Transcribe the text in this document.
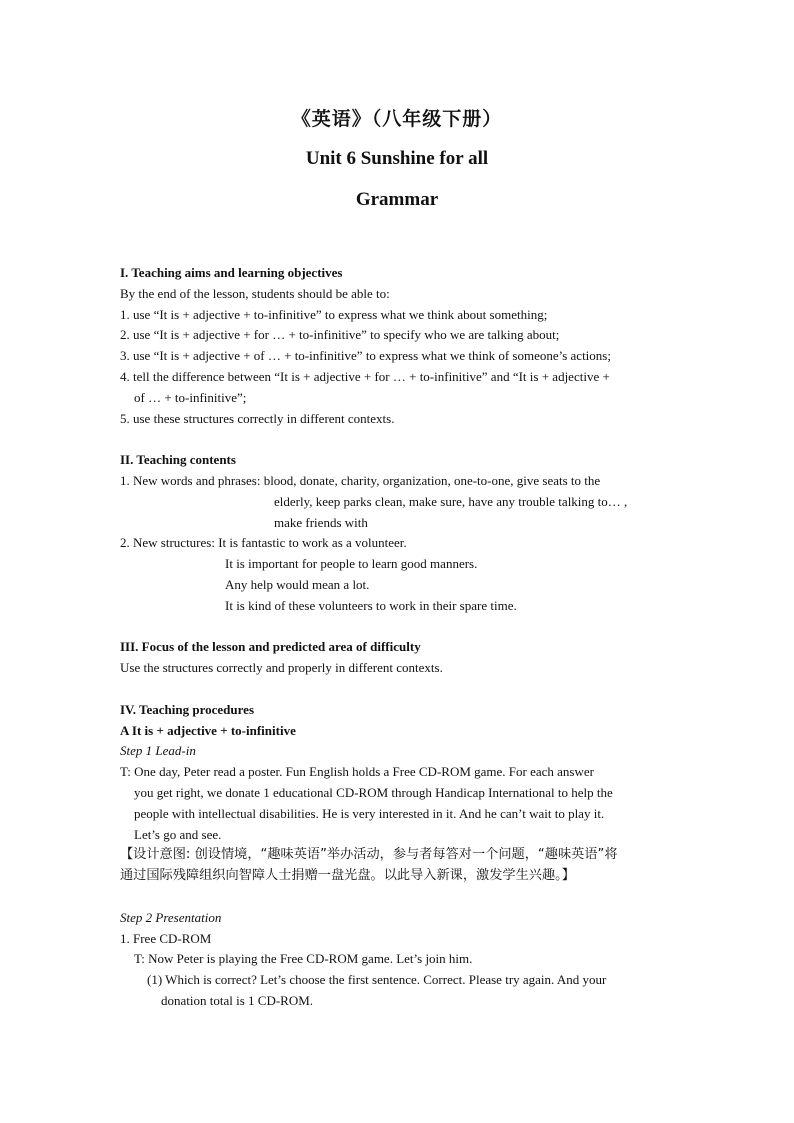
《英语》（八年级下册）
Unit 6 Sunshine for all
Grammar
I. Teaching aims and learning objectives
By the end of the lesson, students should be able to:
1. use “It is + adjective + to-infinitive” to express what we think about something;
2. use “It is + adjective + for … + to-infinitive” to specify who we are talking about;
3. use “It is + adjective + of … + to-infinitive” to express what we think of someone’s actions;
4. tell the difference between “It is + adjective + for … + to-infinitive” and “It is + adjective +
of … + to-infinitive”;
5. use these structures correctly in different contexts.
II. Teaching contents
1. New words and phrases: blood, donate, charity, organization, one-to-one, give seats to the
elderly, keep parks clean, make sure, have any trouble talking to… ,
make friends with
2. New structures: It is fantastic to work as a volunteer.
It is important for people to learn good manners.
Any help would mean a lot.
It is kind of these volunteers to work in their spare time.
III. Focus of the lesson and predicted area of difficulty
Use the structures correctly and properly in different contexts.
IV. Teaching procedures
A It is + adjective + to-infinitive
Step 1 Lead-in
T: One day, Peter read a poster. Fun English holds a Free CD-ROM game. For each answer
you get right, we donate 1 educational CD-ROM through Handicap International to help the
people with intellectual disabilities. He is very interested in it. And he can’t wait to play it.
Let’s go and see.
【设计意图: 创设情境，“趣味英语”举办活动，参与者每答对一个问题，“趣味英语”将
通过国际残障组织向智障人士捐赠一盘光盘。以此导入新课，激发学生兴趣。】
Step 2 Presentation
1. Free CD-ROM
T: Now Peter is playing the Free CD-ROM game. Let’s join him.
(1) Which is correct? Let’s choose the first sentence. Correct. Please try again. And your
donation total is 1 CD-ROM.
